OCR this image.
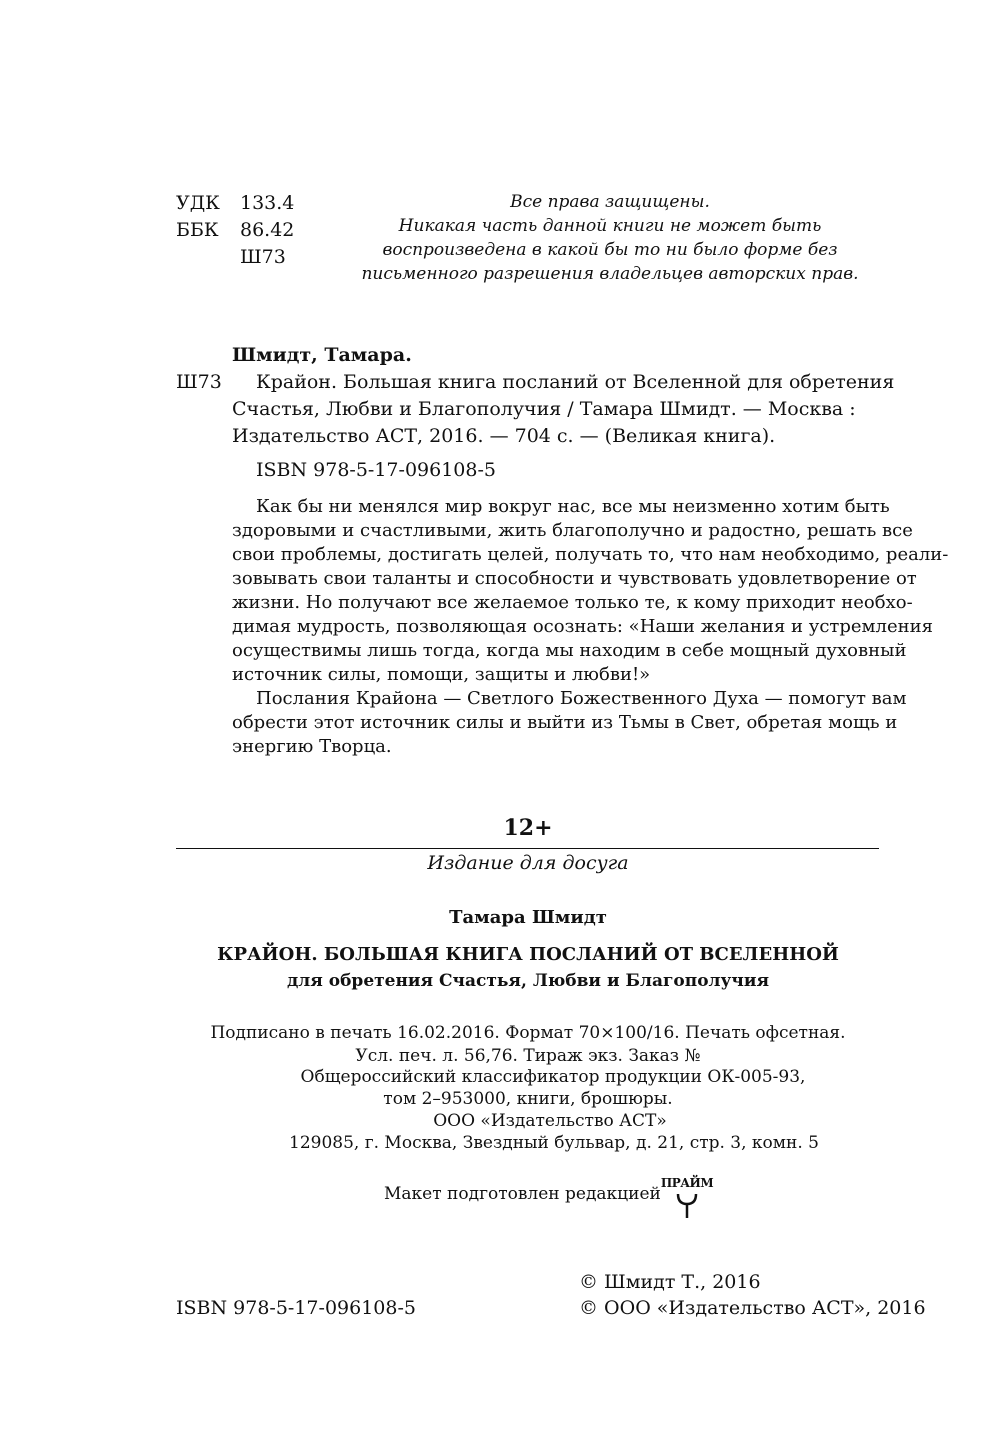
УДК 133.4
ББК 86.42
Ш73
Все права защищены.
Никакая часть данной книги не может быть
воспроизведена в какой бы то ни было форме без
письменного разрешения владельцев авторских прав.
Шмидт, Тамара.
Ш73 Крайон. Большая книга посланий от Вселенной для обретения
Счастья, Любви и Благополучия / Тамара Шмидт. — Москва :
Издательство АСТ, 2016. — 704 с. — (Великая книга).
ISBN 978-5-17-096108-5
Как бы ни менялся мир вокруг нас, все мы неизменно хотим быть
здоровыми и счастливыми, жить благополучно и радостно, решать все
свои проблемы, достигать целей, получать то, что нам необходимо, реали-
зовывать свои таланты и способности и чувствовать удовлетворение от
жизни. Но получают все желаемое только те, к кому приходит необхо-
димая мудрость, позволяющая осознать: «Наши желания и устремления
осуществимы лишь тогда, когда мы находим в себе мощный духовный
источник силы, помощи, защиты и любви!»
Послания Крайона — Светлого Божественного Духа — помогут вам
обрести этот источник силы и выйти из Тьмы в Свет, обретая мощь и
энергию Творца.
12+
Издание для досуга
Тамара Шмидт
КРАЙОН. БОЛЬШАЯ КНИГА ПОСЛАНИЙ ОТ ВСЕЛЕННОЙ
для обретения Счастья, Любви и Благополучия
Подписано в печать 16.02.2016. Формат 70×100/16. Печать офсетная.
Усл. печ. л. 56,76. Тираж экз. Заказ №
Общероссийский классификатор продукции ОК-005-93,
том 2–953000, книги, брошюры.
ООО «Издательство АСТ»
129085, г. Москва, Звездный бульвар, д. 21, стр. 3, комн. 5
Макет подготовлен редакцией
ПРАЙМ
ISBN 978-5-17-096108-5
© Шмидт Т., 2016
© ООО «Издательство АСТ», 2016
